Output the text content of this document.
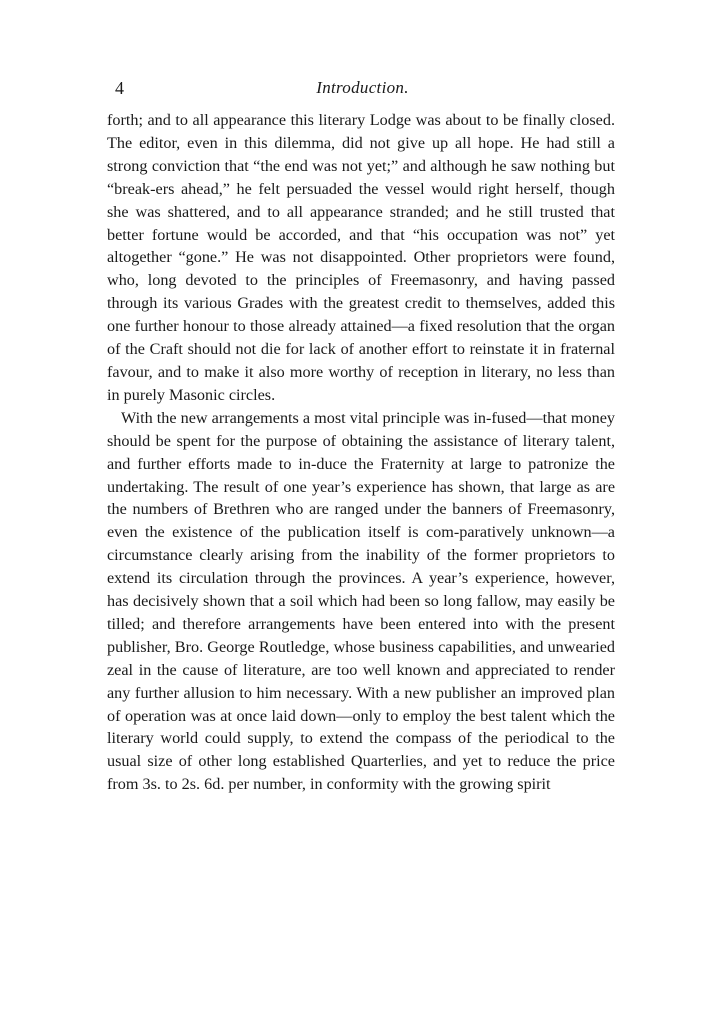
4	Introduction.

forth; and to all appearance this literary Lodge was about to be finally closed. The editor, even in this dilemma, did not give up all hope. He had still a strong conviction that “the end was not yet;” and although he saw nothing but “break-ers ahead,” he felt persuaded the vessel would right herself, though she was shattered, and to all appearance stranded; and he still trusted that better fortune would be accorded, and that “his occupation was not” yet altogether “gone.” He was not disappointed. Other proprietors were found, who, long devoted to the principles of Freemasonry, and having passed through its various Grades with the greatest credit to themselves, added this one further honour to those already attained—a fixed resolution that the organ of the Craft should not die for lack of another effort to reinstate it in fraternal favour, and to make it also more worthy of reception in literary, no less than in purely Masonic circles.

With the new arrangements a most vital principle was in-fused—that money should be spent for the purpose of obtaining the assistance of literary talent, and further efforts made to in-duce the Fraternity at large to patronize the undertaking. The result of one year’s experience has shown, that large as are the numbers of Brethren who are ranged under the banners of Freemasonry, even the existence of the publication itself is com-paratively unknown—a circumstance clearly arising from the inability of the former proprietors to extend its circulation through the provinces. A year’s experience, however, has decisively shown that a soil which had been so long fallow, may easily be tilled; and therefore arrangements have been entered into with the present publisher, Bro. George Routledge, whose business capabilities, and unwearied zeal in the cause of literature, are too well known and appreciated to render any further allusion to him necessary. With a new publisher an improved plan of operation was at once laid down—only to employ the best talent which the literary world could supply, to extend the compass of the periodical to the usual size of other long established Quarterlies, and yet to reduce the price from 3s. to 2s. 6d. per number, in conformity with the growing spirit
